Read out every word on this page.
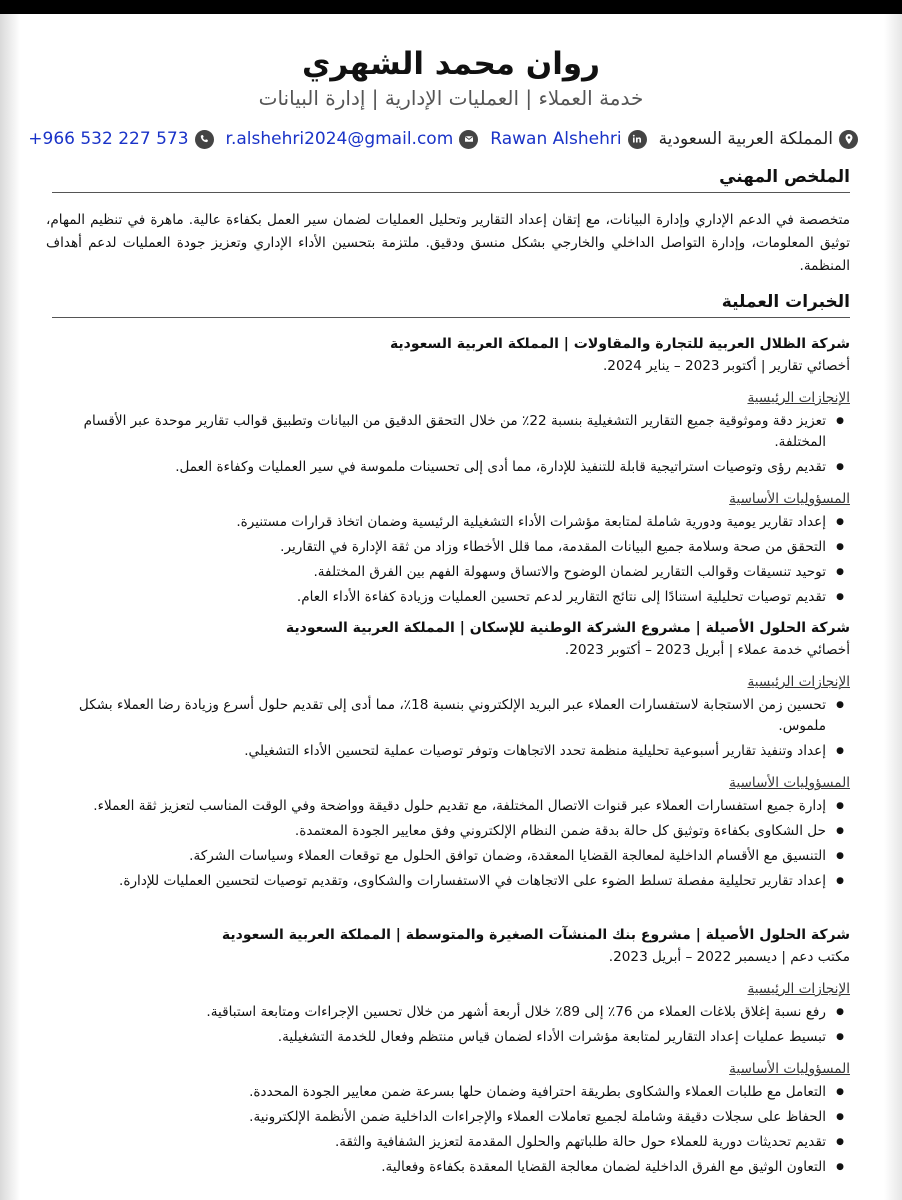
روان محمد الشهري
خدمة العملاء | العمليات الإدارية | إدارة البيانات
المملكة العربية السعودية
Rawan Alshehri
r.alshehri2024@gmail.com
+966 532 227 573
الملخص المهني
متخصصة في الدعم الإداري وإدارة البيانات، مع إتقان إعداد التقارير وتحليل العمليات لضمان سير العمل بكفاءة عالية. ماهرة في تنظيم المهام، توثيق المعلومات، وإدارة التواصل الداخلي والخارجي بشكل منسق ودقيق. ملتزمة بتحسين الأداء الإداري وتعزيز جودة العمليات لدعم أهداف المنظمة.
الخبرات العملية
شركة الظلال العربية للتجارة والمقاولات | المملكة العربية السعودية
أخصائي تقارير | أكتوبر 2023 – يناير 2024.
الإنجازات الرئيسية
● تعزيز دقة وموثوقية جميع التقارير التشغيلية بنسبة 22٪ من خلال التحقق الدقيق من البيانات وتطبيق قوالب تقارير موحدة عبر الأقسام المختلفة.
● تقديم رؤى وتوصيات استراتيجية قابلة للتنفيذ للإدارة، مما أدى إلى تحسينات ملموسة في سير العمليات وكفاءة العمل.
المسؤوليات الأساسية
● إعداد تقارير يومية ودورية شاملة لمتابعة مؤشرات الأداء التشغيلية الرئيسية وضمان اتخاذ قرارات مستنيرة.
● التحقق من صحة وسلامة جميع البيانات المقدمة، مما قلل الأخطاء وزاد من ثقة الإدارة في التقارير.
● توحيد تنسيقات وقوالب التقارير لضمان الوضوح والاتساق وسهولة الفهم بين الفرق المختلفة.
● تقديم توصيات تحليلية استنادًا إلى نتائج التقارير لدعم تحسين العمليات وزيادة كفاءة الأداء العام.
شركة الحلول الأصيلة | مشروع الشركة الوطنية للإسكان | المملكة العربية السعودية
أخصائي خدمة عملاء | أبريل 2023 – أكتوبر 2023.
الإنجازات الرئيسية
● تحسين زمن الاستجابة لاستفسارات العملاء عبر البريد الإلكتروني بنسبة 18٪، مما أدى إلى تقديم حلول أسرع وزيادة رضا العملاء بشكل ملموس.
● إعداد وتنفيذ تقارير أسبوعية تحليلية منظمة تحدد الاتجاهات وتوفر توصيات عملية لتحسين الأداء التشغيلي.
المسؤوليات الأساسية
● إدارة جميع استفسارات العملاء عبر قنوات الاتصال المختلفة، مع تقديم حلول دقيقة وواضحة وفي الوقت المناسب لتعزيز ثقة العملاء.
● حل الشكاوى بكفاءة وتوثيق كل حالة بدقة ضمن النظام الإلكتروني وفق معايير الجودة المعتمدة.
● التنسيق مع الأقسام الداخلية لمعالجة القضايا المعقدة، وضمان توافق الحلول مع توقعات العملاء وسياسات الشركة.
● إعداد تقارير تحليلية مفصلة تسلط الضوء على الاتجاهات في الاستفسارات والشكاوى، وتقديم توصيات لتحسين العمليات للإدارة.
شركة الحلول الأصيلة | مشروع بنك المنشآت الصغيرة والمتوسطة | المملكة العربية السعودية
مكتب دعم | ديسمبر 2022 – أبريل 2023.
الإنجازات الرئيسية
● رفع نسبة إغلاق بلاغات العملاء من 76٪ إلى 89٪ خلال أربعة أشهر من خلال تحسين الإجراءات ومتابعة استباقية.
● تبسيط عمليات إعداد التقارير لمتابعة مؤشرات الأداء لضمان قياس منتظم وفعال للخدمة التشغيلية.
المسؤوليات الأساسية
● التعامل مع طلبات العملاء والشكاوى بطريقة احترافية وضمان حلها بسرعة ضمن معايير الجودة المحددة.
● الحفاظ على سجلات دقيقة وشاملة لجميع تعاملات العملاء والإجراءات الداخلية ضمن الأنظمة الإلكترونية.
● تقديم تحديثات دورية للعملاء حول حالة طلباتهم والحلول المقدمة لتعزيز الشفافية والثقة.
● التعاون الوثيق مع الفرق الداخلية لضمان معالجة القضايا المعقدة بكفاءة وفعالية.
